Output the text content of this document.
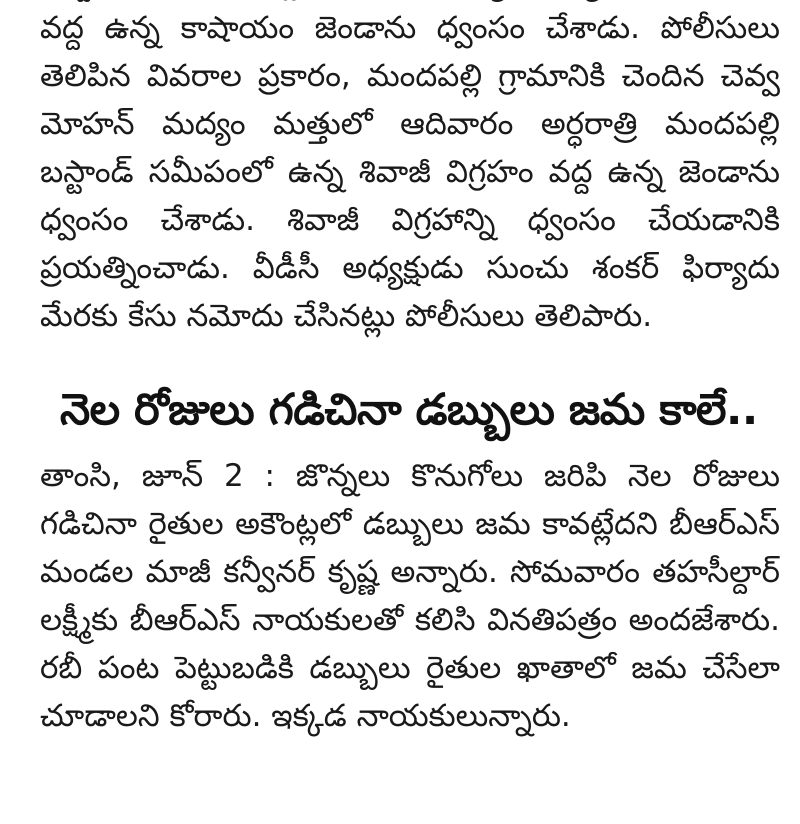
వద్ద ఉన్న కాషాయం జెండాను ధ్వంసం చేశాడు. పోలీసులు తెలిపిన వివరాల ప్రకారం, మందపల్లి గ్రామానికి చెందిన చెవ్వ మోహన్ మద్యం మత్తులో ఆదివారం అర్ధరాత్రి మందపల్లి బస్టాండ్ సమీపంలో ఉన్న శివాజీ విగ్రహం వద్ద ఉన్న జెండాను ధ్వంసం చేశాడు. శివాజీ విగ్రహాన్ని ధ్వంసం చేయడానికి ప్రయత్నించాడు. వీడీసీ అధ్యక్షుడు సుంచు శంకర్ ఫిర్యాదు మేరకు కేసు నమోదు చేసినట్లు పోలీసులు తెలిపారు.

నెల రోజులు గడిచినా డబ్బులు జమ కాలే..

తాంసి, జూన్ 2 : జొన్నలు కొనుగోలు జరిపి నెల రోజులు గడిచినా రైతుల అకౌంట్లలో డబ్బులు జమ కావట్లేదని బీఆర్ఎస్ మండల మాజీ కన్వీనర్ కృష్ణ అన్నారు. సోమవారం తహసీల్దార్ లక్ష్మీకు బీఆర్ఎస్ నాయకులతో కలిసి వినతిపత్రం అందజేశారు. రబీ పంట పెట్టుబడికి డబ్బులు రైతుల ఖాతాలో జమ చేసేలా చూడాలని కోరారు. ఇక్కడ నాయకులున్నారు.
